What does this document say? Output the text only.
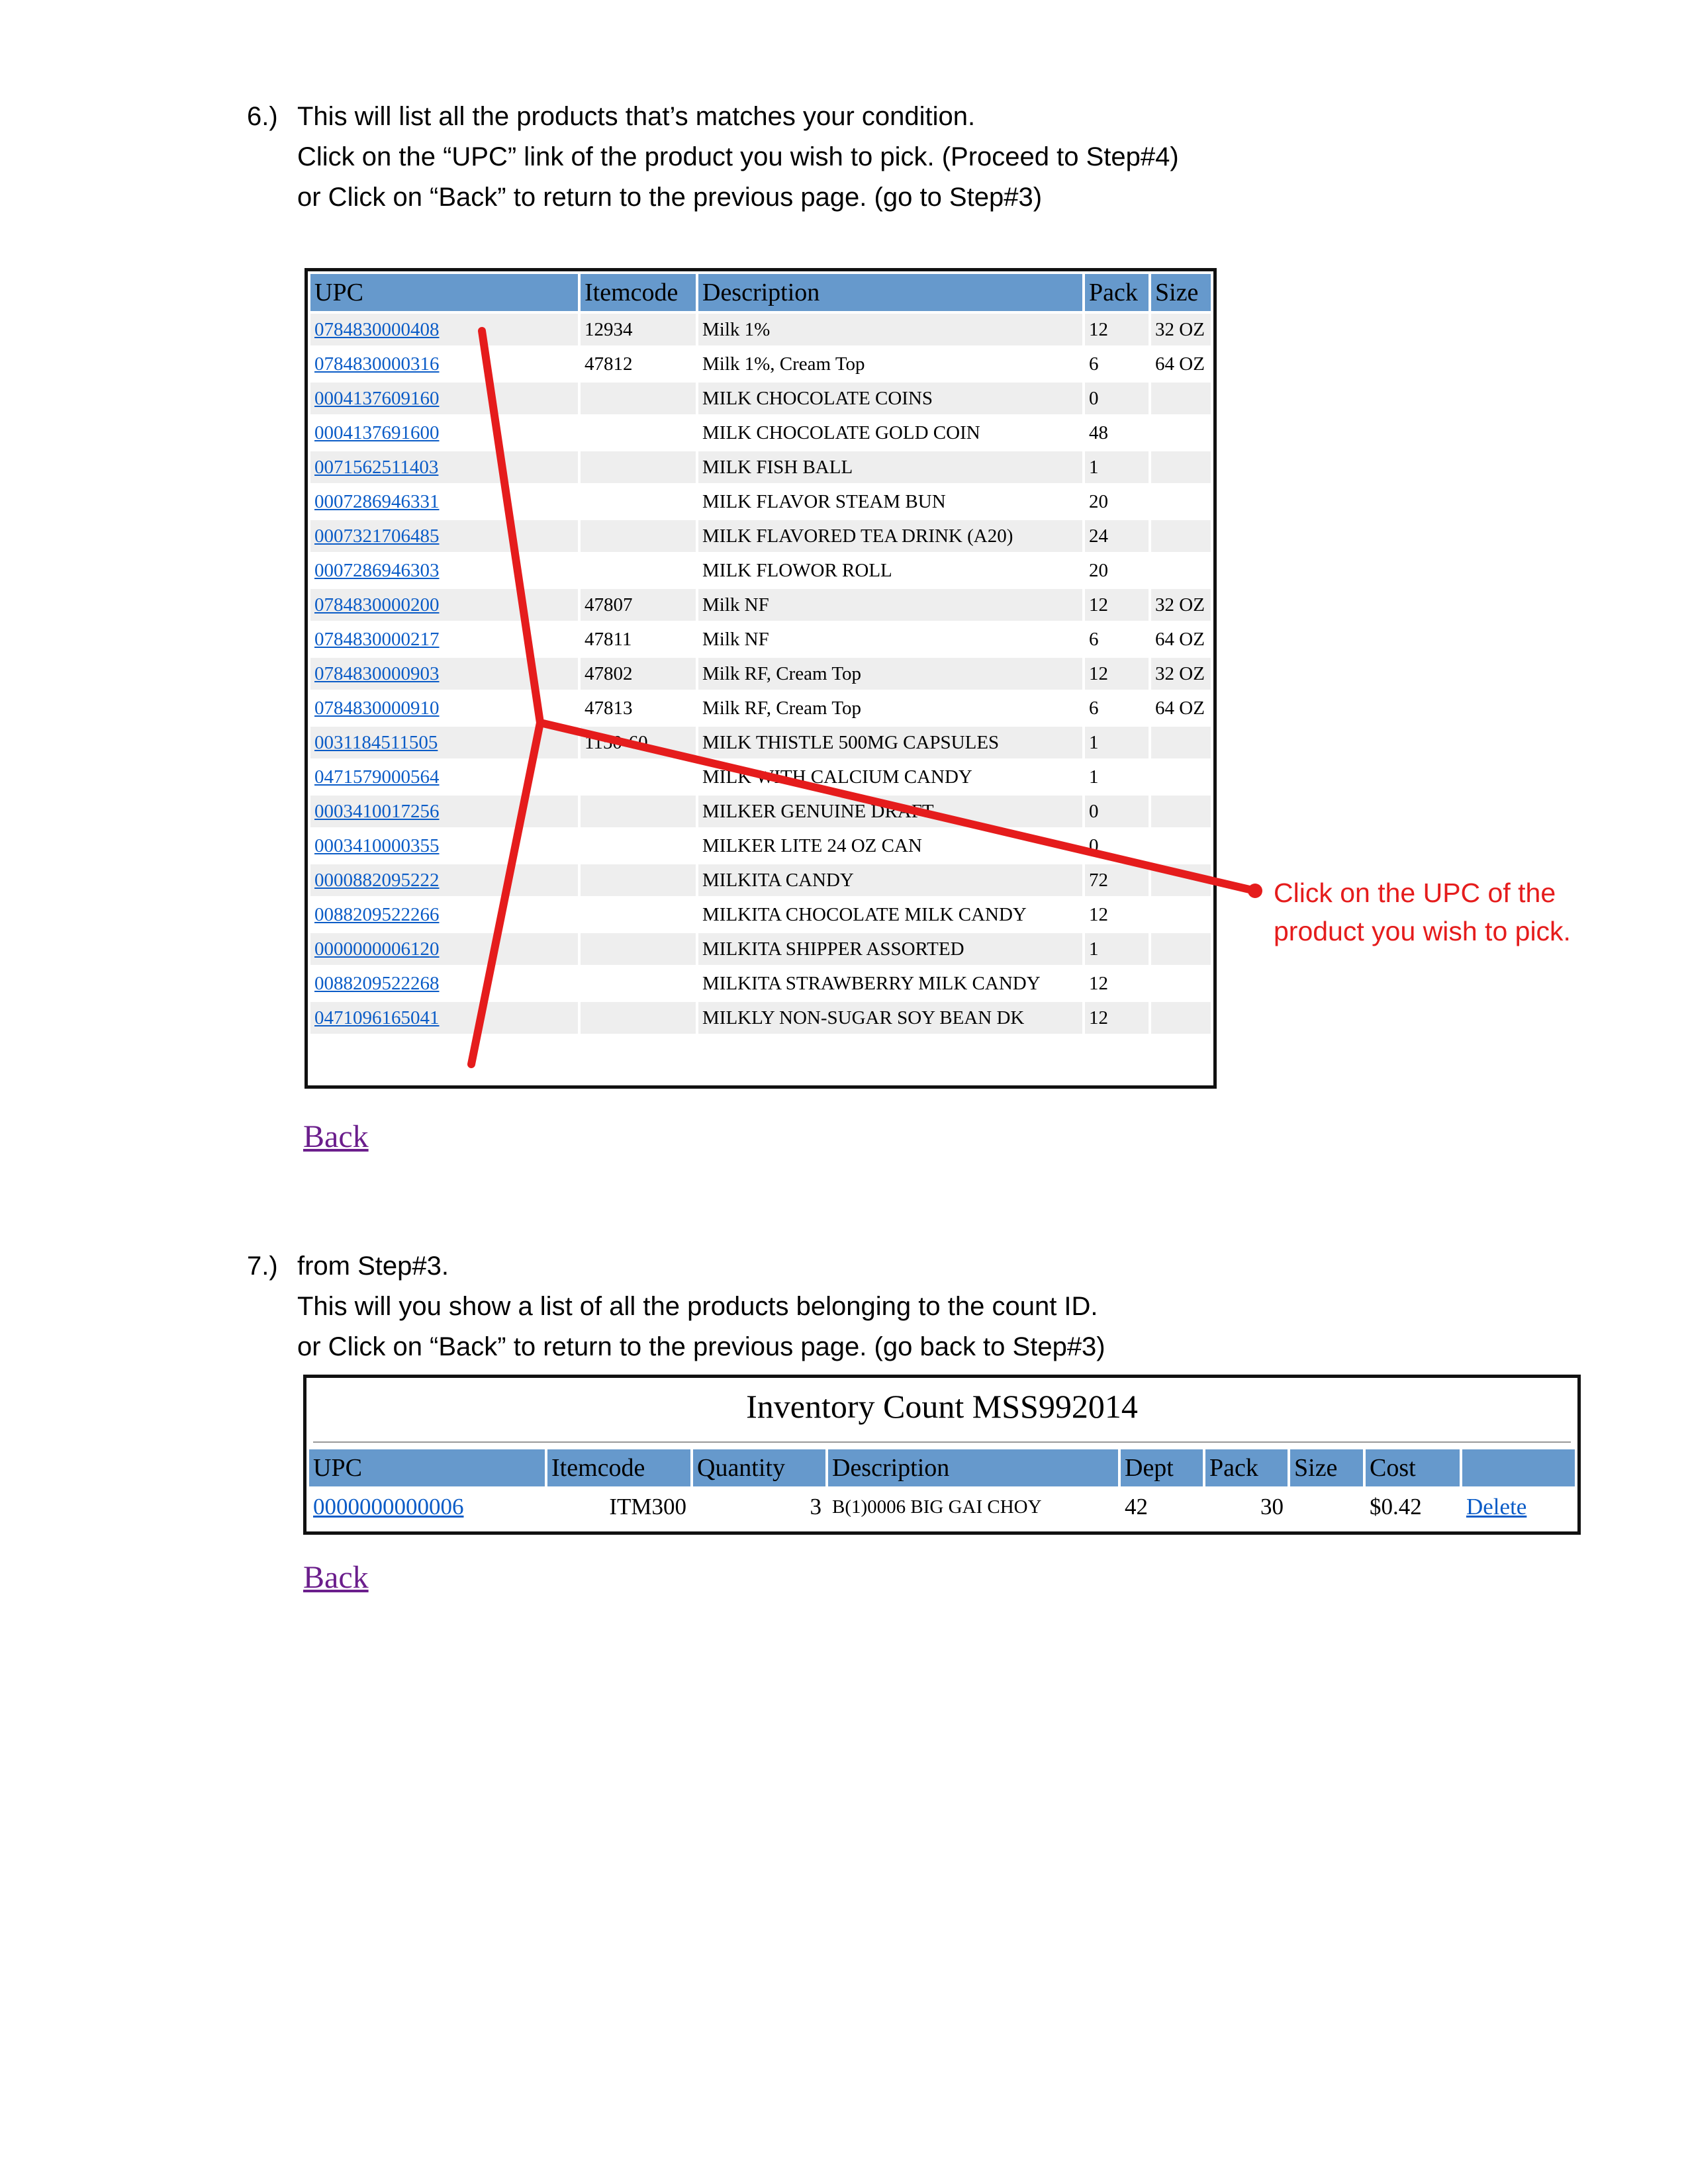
6.) This will list all the products that’s matches your condition.
Click on the “UPC” link of the product you wish to pick. (Proceed to Step#4)
or Click on “Back” to return to the previous page. (go to Step#3)
UPC	Itemcode	Description	Pack	Size
0784830000408	12934	Milk 1%	12	32 OZ
0784830000316	47812	Milk 1%, Cream Top	6	64 OZ
0004137609160		MILK CHOCOLATE COINS	0	
0004137691600		MILK CHOCOLATE GOLD COIN	48	
0071562511403		MILK FISH BALL	1	
0007286946331		MILK FLAVOR STEAM BUN	20	
0007321706485		MILK FLAVORED TEA DRINK (A20)	24	
0007286946303		MILK FLOWOR ROLL	20	
0784830000200	47807	Milk NF	12	32 OZ
0784830000217	47811	Milk NF	6	64 OZ
0784830000903	47802	Milk RF, Cream Top	12	32 OZ
0784830000910	47813	Milk RF, Cream Top	6	64 OZ
0031184511505	1150-60	MILK THISTLE 500MG CAPSULES	1	
0471579000564		MILK WITH CALCIUM CANDY	1	
0003410017256		MILKER GENUINE DRAFT	0	
0003410000355		MILKER LITE 24 OZ CAN	0	
0000882095222		MILKITA CANDY	72	
0088209522266		MILKITA CHOCOLATE MILK CANDY	12	
0000000006120		MILKITA SHIPPER ASSORTED	1	
0088209522268		MILKITA STRAWBERRY MILK CANDY	12	
0471096165041		MILKLY NON-SUGAR SOY BEAN DK	12	
Back
Click on the UPC of the product you wish to pick.
7.) from Step#3.
This will you show a list of all the products belonging to the count ID.
or Click on “Back” to return to the previous page. (go back to Step#3)
Inventory Count MSS992014
UPC	Itemcode	Quantity	Description	Dept	Pack	Size	Cost	
0000000000006	ITM300	3	B(1)0006 BIG GAI CHOY	42	30		$0.42	Delete
Back
